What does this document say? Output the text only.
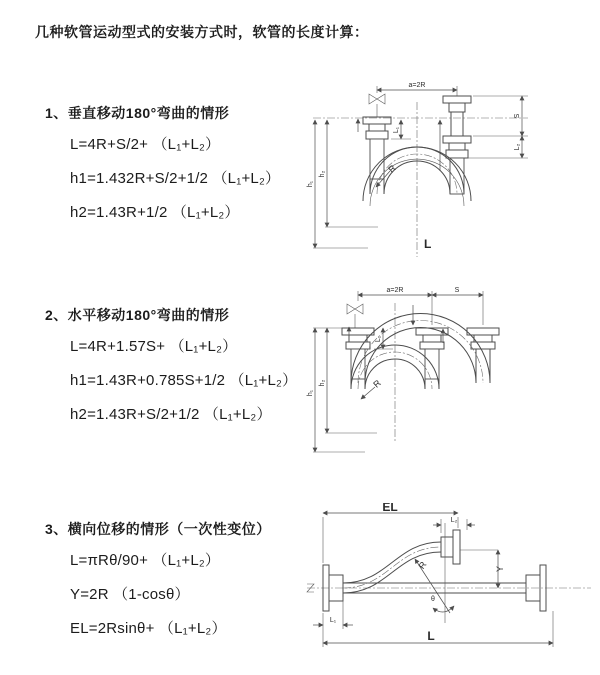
几种软管运动型式的安装方式时，软管的长度计算：
1、垂直移动180°弯曲的情形

L=4R+S/2+ （L₁+L₂）

h1=1.432R+S/2+1/2 （L₁+L₂）

h2=1.43R+1/2 （L₁+L₂）

a=2R
h₁
h₂
L₁
S
L₂
R
L
2、水平移动180°弯曲的情形

L=4R+1.57S+ （L₁+L₂）

h1=1.43R+0.785S+1/2 （L₁+L₂）

h2=1.43R+S/2+1/2 （L₁+L₂）

a=2R	S
h₁
h₂
L₁
R
3、横向位移的情形（一次性变位）

L=πRθ/90+ （L₁+L₂）

Y=2R （1-cosθ）

EL=2Rsinθ+ （L₁+L₂）

EL
L₂
Y
R
θ
L₁
L
